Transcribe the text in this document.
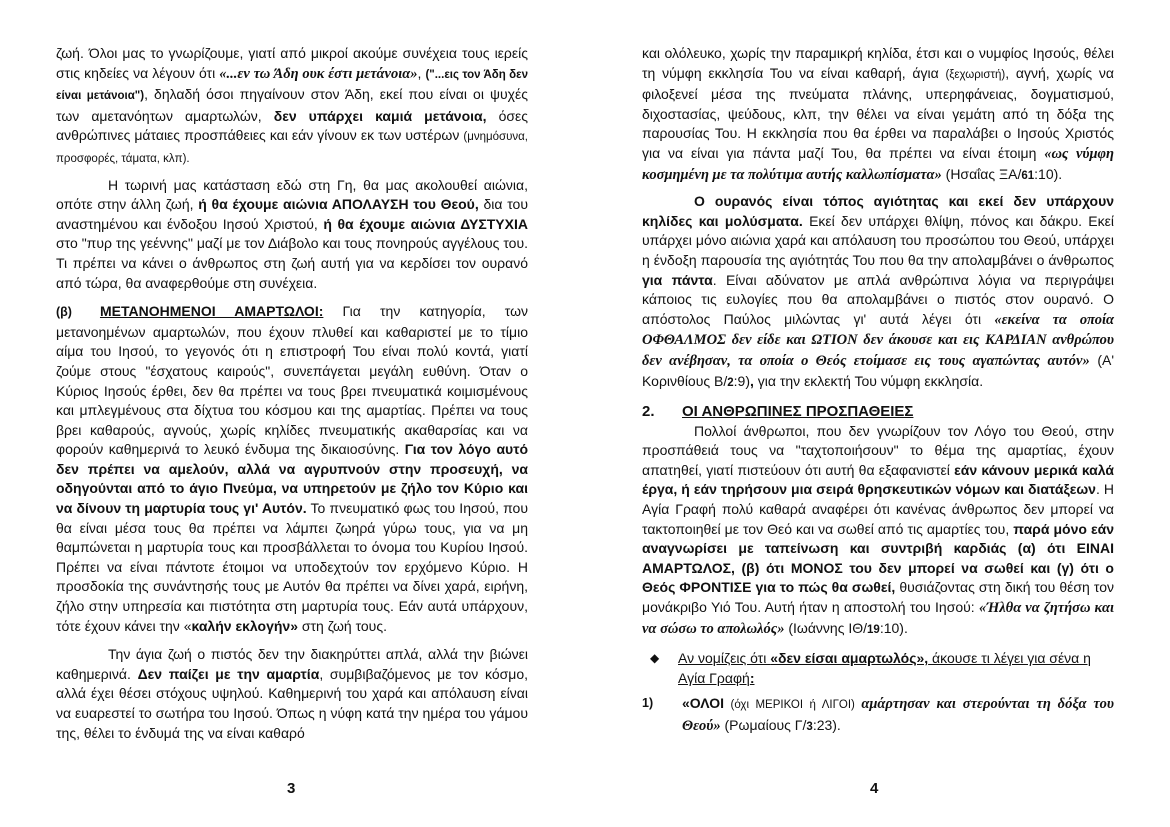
ζωή. Όλοι μας το γνωρίζουμε, γιατί από μικροί ακούμε συνέχεια τους ιερείς στις κηδείες να λέγουν ότι «...εν τω Άδη ουκ έστι μετάνοια», ("...εις τον Άδη δεν είναι μετάνοια"), δηλαδή όσοι πηγαίνουν στον Άδη, εκεί που είναι οι ψυχές των αμετανόητων αμαρτωλών, δεν υπάρχει καμιά μετάνοια, όσες ανθρώπινες μάταιες προσπάθειες και εάν γίνουν εκ των υστέρων (μνημόσυνα, προσφορές, τάματα, κλπ).

Η τωρινή μας κατάσταση εδώ στη Γη, θα μας ακολουθεί αιώνια, οπότε στην άλλη ζωή, ή θα έχουμε αιώνια ΑΠΟΛΑΥΣΗ του Θεού, δια του αναστημένου και ένδοξου Ιησού Χριστού, ή θα έχουμε αιώνια ΔΥΣΤΥΧΙΑ στο "πυρ της γεέννης" μαζί με τον Διάβολο και τους πονηρούς αγγέλους του. Τι πρέπει να κάνει ο άνθρωπος στη ζωή αυτή για να κερδίσει τον ουρανό από τώρα, θα αναφερθούμε στη συνέχεια.

(β) ΜΕΤΑΝΟΗΜΕΝΟΙ ΑΜΑΡΤΩΛΟΙ: Για την κατηγορία, των μετανοημένων αμαρτωλών, που έχουν πλυθεί και καθαριστεί με το τίμιο αίμα του Ιησού, το γεγονός ότι η επιστροφή Του είναι πολύ κοντά, γιατί ζούμε στους "έσχατους καιρούς", συνεπάγεται μεγάλη ευθύνη. Όταν ο Κύριος Ιησούς έρθει, δεν θα πρέπει να τους βρει πνευματικά κοιμισμένους και μπλεγμένους στα δίχτυα του κόσμου και της αμαρτίας. Πρέπει να τους βρει καθαρούς, αγνούς, χωρίς κηλίδες πνευματικής ακαθαρσίας και να φορούν καθημερινά το λευκό ένδυμα της δικαιοσύνης. Για τον λόγο αυτό δεν πρέπει να αμελούν, αλλά να αγρυπνούν στην προσευχή, να οδηγούνται από το άγιο Πνεύμα, να υπηρετούν με ζήλο τον Κύριο και να δίνουν τη μαρτυρία τους γι' Αυτόν. Το πνευματικό φως του Ιησού, που θα είναι μέσα τους θα πρέπει να λάμπει ζωηρά γύρω τους, για να μη θαμπώνεται η μαρτυρία τους και προσβάλλεται το όνομα του Κυρίου Ιησού. Πρέπει να είναι πάντοτε έτοιμοι να υποδεχτούν τον ερχόμενο Κύριο. Η προσδοκία της συνάντησής τους με Αυτόν θα πρέπει να δίνει χαρά, ειρήνη, ζήλο στην υπηρεσία και πιστότητα στη μαρτυρία τους. Εάν αυτά υπάρχουν, τότε έχουν κάνει την «καλήν εκλογήν» στη ζωή τους.

Την άγια ζωή ο πιστός δεν την διακηρύττει απλά, αλλά την βιώνει καθημερινά. Δεν παίζει με την αμαρτία, συμβιβαζόμενος με τον κόσμο, αλλά έχει θέσει στόχους υψηλού. Καθημερινή του χαρά και απόλαυση είναι να ευαρεστεί το σωτήρα του Ιησού. Όπως η νύφη κατά την ημέρα του γάμου της, θέλει το ένδυμά της να είναι καθαρό

3

και ολόλευκο, χωρίς την παραμικρή κηλίδα, έτσι και ο νυμφίος Ιησούς, θέλει τη νύμφη εκκλησία Του να είναι καθαρή, άγια (ξεχωριστή), αγνή, χωρίς να φιλοξενεί μέσα της πνεύματα πλάνης, υπερηφάνειας, δογματισμού, διχοστασίας, ψεύδους, κλπ, την θέλει να είναι γεμάτη από τη δόξα της παρουσίας Του. Η εκκλησία που θα έρθει να παραλάβει ο Ιησούς Χριστός για να είναι για πάντα μαζί Του, θα πρέπει να είναι έτοιμη «ως νύμφη κοσμημένη με τα πολύτιμα αυτής καλλωπίσματα» (Ησαΐας ΞΑ/61:10).

Ο ουρανός είναι τόπος αγιότητας και εκεί δεν υπάρχουν κηλίδες και μολύσματα. Εκεί δεν υπάρχει θλίψη, πόνος και δάκρυ. Εκεί υπάρχει μόνο αιώνια χαρά και απόλαυση του προσώπου του Θεού, υπάρχει η ένδοξη παρουσία της αγιότητάς Του που θα την απολαμβάνει ο άνθρωπος για πάντα. Είναι αδύνατον με απλά ανθρώπινα λόγια να περιγράψει κάποιος τις ευλογίες που θα απολαμβάνει ο πιστός στον ουρανό. Ο απόστολος Παύλος μιλώντας γι' αυτά λέγει ότι «εκείνα τα οποία ΟΦΘΑΛΜΟΣ δεν είδε και ΩΤΙΟΝ δεν άκουσε και εις ΚΑΡΔΙΑΝ ανθρώπου δεν ανέβησαν, τα οποία ο Θεός ετοίμασε εις τους αγαπώντας αυτόν» (Α' Κορινθίους Β/2:9), για την εκλεκτή Του νύμφη εκκλησία.

2.	ΟΙ ΑΝΘΡΩΠΙΝΕΣ ΠΡΟΣΠΑΘΕΙΕΣ

Πολλοί άνθρωποι, που δεν γνωρίζουν τον Λόγο του Θεού, στην προσπάθειά τους να "ταχτοποιήσουν" το θέμα της αμαρτίας, έχουν απατηθεί, γιατί πιστεύουν ότι αυτή θα εξαφανιστεί εάν κάνουν μερικά καλά έργα, ή εάν τηρήσουν μια σειρά θρησκευτικών νόμων και διατάξεων. Η Αγία Γραφή πολύ καθαρά αναφέρει ότι κανένας άνθρωπος δεν μπορεί να τακτοποιηθεί με τον Θεό και να σωθεί από τις αμαρτίες του, παρά μόνο εάν αναγνωρίσει με ταπείνωση και συντριβή καρδιάς (α) ότι ΕΙΝΑΙ ΑΜΑΡΤΩΛΟΣ, (β) ότι ΜΟΝΟΣ του δεν μπορεί να σωθεί και (γ) ότι ο Θεός ΦΡΟΝΤΙΣΕ για το πώς θα σωθεί, θυσιάζοντας στη δική του θέση τον μονάκριβο Υιό Του. Αυτή ήταν η αποστολή του Ιησού: «Ήλθα να ζητήσω και να σώσω το απολωλός» (Ιωάννης ΙΘ/19:10).

◆	Αν νομίζεις ότι «δεν είσαι αμαρτωλός», άκουσε τι λέγει για σένα η Αγία Γραφή:
1)	«ΟΛΟΙ (όχι ΜΕΡΙΚΟΙ ή ΛΙΓΟΙ) αμάρτησαν και στερούνται τη δόξα του Θεού» (Ρωμαίους Γ/3:23).
4
